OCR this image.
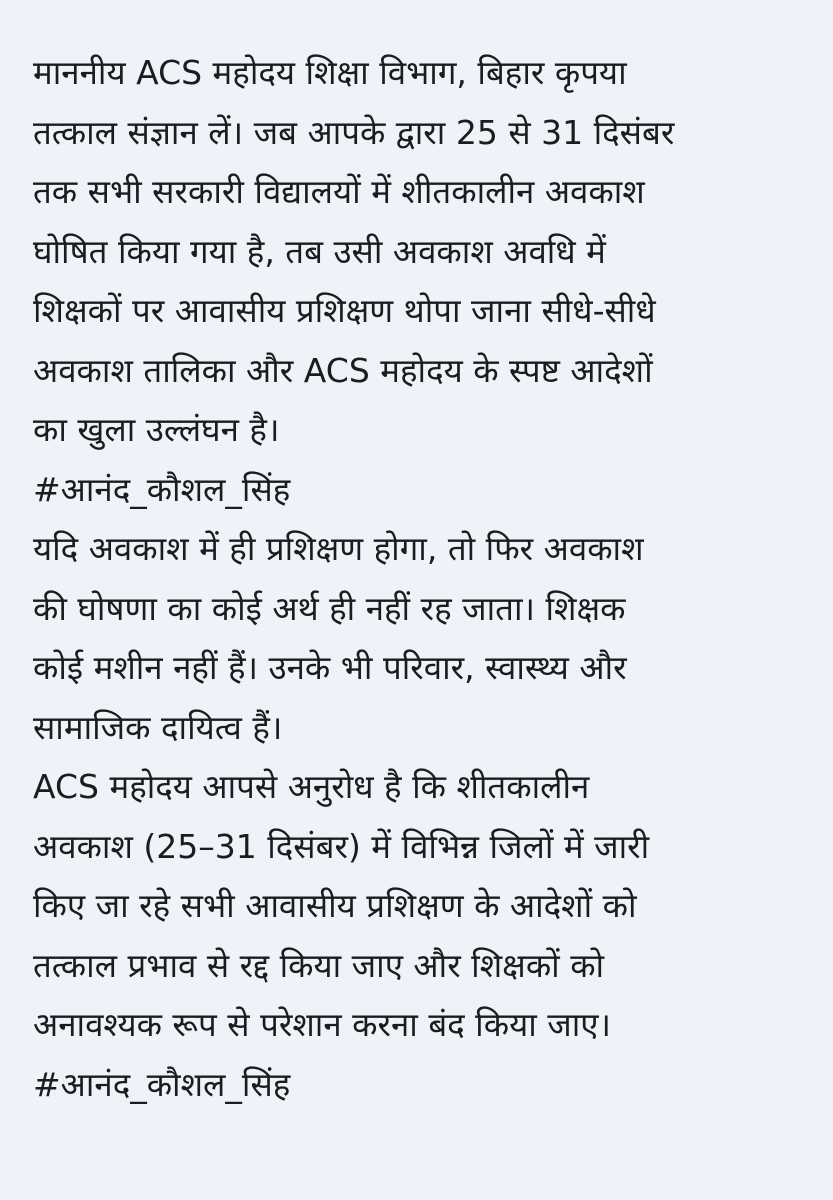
माननीय ACS महोदय शिक्षा विभाग, बिहार कृपया
तत्काल संज्ञान लें। जब आपके द्वारा 25 से 31 दिसंबर
तक सभी सरकारी विद्यालयों में शीतकालीन अवकाश
घोषित किया गया है, तब उसी अवकाश अवधि में
शिक्षकों पर आवासीय प्रशिक्षण थोपा जाना सीधे-सीधे
अवकाश तालिका और ACS महोदय के स्पष्ट आदेशों
का खुला उल्लंघन है।
#आनंद_कौशल_सिंह
यदि अवकाश में ही प्रशिक्षण होगा, तो फिर अवकाश
की घोषणा का कोई अर्थ ही नहीं रह जाता। शिक्षक
कोई मशीन नहीं हैं। उनके भी परिवार, स्वास्थ्य और
सामाजिक दायित्व हैं।
ACS महोदय आपसे अनुरोध है कि शीतकालीन
अवकाश (25–31 दिसंबर) में विभिन्न जिलों में जारी
किए जा रहे सभी आवासीय प्रशिक्षण के आदेशों को
तत्काल प्रभाव से रद्द किया जाए और शिक्षकों को
अनावश्यक रूप से परेशान करना बंद किया जाए।
#आनंद_कौशल_सिंह
